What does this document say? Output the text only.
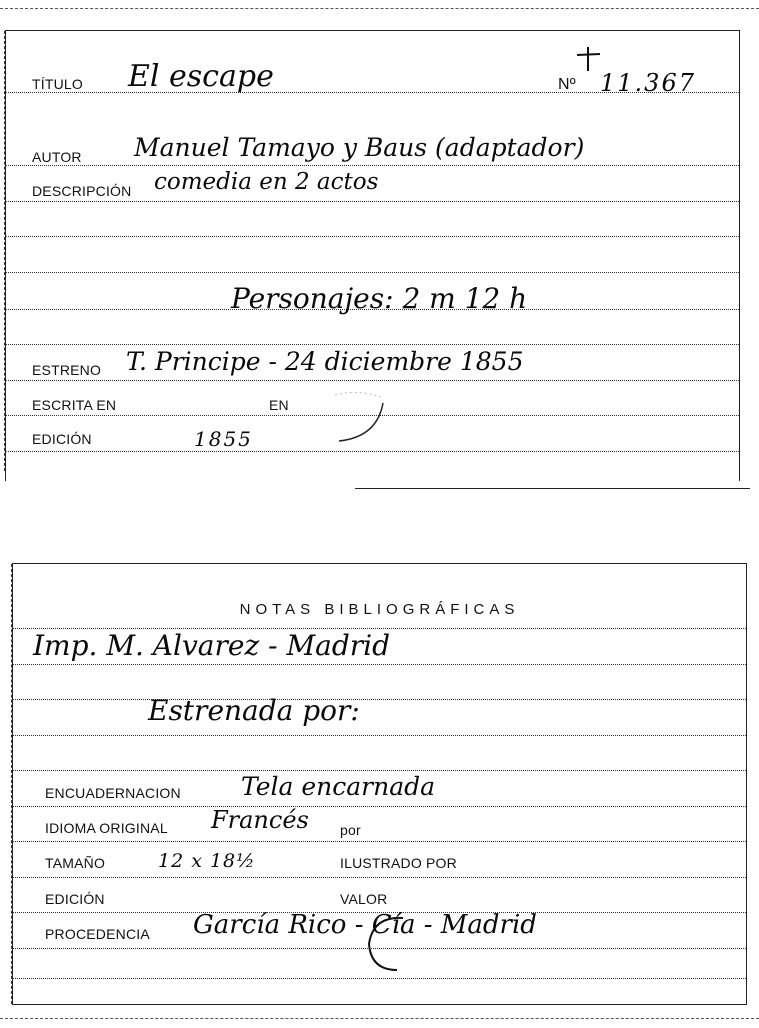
TÍTULO El escape	Nº 11.367
AUTOR Manuel Tamayo y Baus (adaptador)
DESCRIPCIÓN comedia en 2 actos
Personajes: 2 m 12 h
ESTRENO T. Principe - 24 diciembre 1855
ESCRITA EN	EN
EDICIÓN	1855
NOTAS BIBLIOGRÁFICAS
Imp. M. Alvarez - Madrid
Estrenada por:
ENCUADERNACION Tela encarnada
IDIOMA ORIGINAL Francés por
TAMAÑO	12 x 18½	ILUSTRADO POR
EDICIÓN	VALOR
PROCEDENCIA García Rico - Cía - Madrid
